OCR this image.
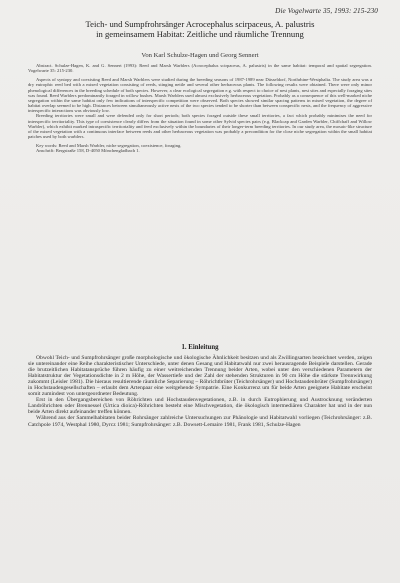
Die Vogelwarte 35, 1993: 215-230
Teich- und Sumpfrohrsänger Acrocephalus scirpaceus, A. palustris
in gemeinsamem Habitat: Zeitliche und räumliche Trennung
Von Karl Schulze-Hagen und Georg Sennert

Abstract. Schulze-Hagen, K. and G. Sennert (1993): Reed and Marsh Warblers (Acrocephalus scirpaceus, A. palustris) in the same habitat: temporal and spatial segregation. Vogelwarte 35: 215-230.

Aspects of syntopy and coexisting Reed and Marsh Warblers were studied during the breeding seasons of 1987-1989 near Düsseldorf, Northrhine-Westphalia. The study area was a dry eutrophic reed bed with a mixed vegetation consisting of reeds, stinging nettle and several other herbaceous plants. The following results were obtained. There were only minor phenological differences in the breeding schedule of both species. However, a clear ecological segregation e.g. with respect to choice of nest plants, nest sites and especially foraging sites was found. Reed Warblers predominantly foraged in willow bushes. Marsh Warblers used almost exclusively herbaceous vegetation. Probably as a consequence of this well-marked niche segregation within the same habitat only few indications of interspecific competition were observed. Both species showed similar spacing patterns in mixed vegetation, the degree of habitat overlap seemed to be high. Distances between simultaneously active nests of the two species tended to be shorter than between conspecific nests, and the frequency of aggressive interspecific interactions was obviously low.

Breeding territories were small and were defended only for short periods; both species foraged outside these small territories, a fact which probably minimises the need for interspecific territoriality. This type of coexistence clearly differs from the situation found in some other Sylvid species pairs (e.g. Blackcap and Garden Warbler, Chiffchaff and Willow Warbler), which exhibit marked intraspecific territoriality and feed exclusively within the boundaries of their longer-term breeding territories. In our study area, the mosaic-like structure of the mixed vegetation with a continuous interface between reeds and other herbaceous vegetation was probably a precondition for the close niche segregation within the small habitat patches used by both warblers.

Key words: Reed and Marsh Warbler, niche segregation, coexistence, foraging.

Anschrift: Bergstraße 158, D-4050 Mönchengladbach 1.

1. Einleitung

Obwohl Teich- und Sumpfrohrsänger große morphologische und ökologische Ähnlichkeit besitzen und als Zwillingsarten bezeichnet werden, zeigen sie untereinander eine Reihe charakteristischer Unterschiede, unter denen Gesang und Habitatwahl nur zwei herausragende Beispiele darstellen. Gerade die brutzeitlichen Habitatansprüche führen häufig zu einer weitreichenden Trennung beider Arten, wobei unter den verschiedenen Parametern der Habitatstruktur der Vegetationsdichte in 2 m Höhe, der Wassertiefe und der Zahl der stehenden Strukturen in 90 cm Höhe die stärkste Trennwirkung zukommt (Leisler 1981). Die hieraus resultierende räumliche Separierung – Röhrichtbrüter (Teichrohrsänger) und Hochstaudenbrüter (Sumpfrohrsänger) in Hochstaudengesellschaften – erlaubt dem Artenpaar eine weitgehende Sympatrie. Eine Konkurrenz um für beide Arten geeignete Habitate erscheint somit zumindest von untergeordneter Bedeutung.

Erst in den Übergangsbereichen von Röhrichten und Hochstaudenvegetationen, z.B. in durch Eutrophierung und Austrocknung veränderten Landröhrichten oder Brennessel (Urtica dioica)-Röhrichten besteht eine Mischvegetation, die ökologisch intermediären Charakter hat und in der nun beide Arten direkt aufeinander treffen können.

Während aus der Sammelhabitaten beider Rohrsänger zahlreiche Untersuchungen zur Phänologie und Habitatwahl vorliegen (Teichrohrsänger: z.B. Catchpole 1974, Westphal 1980, Dyrcz 1981; Sumpfrohrsänger: z.B. Dowsett-Lemaire 1981, Frank 1981, Schulze-Hagen
